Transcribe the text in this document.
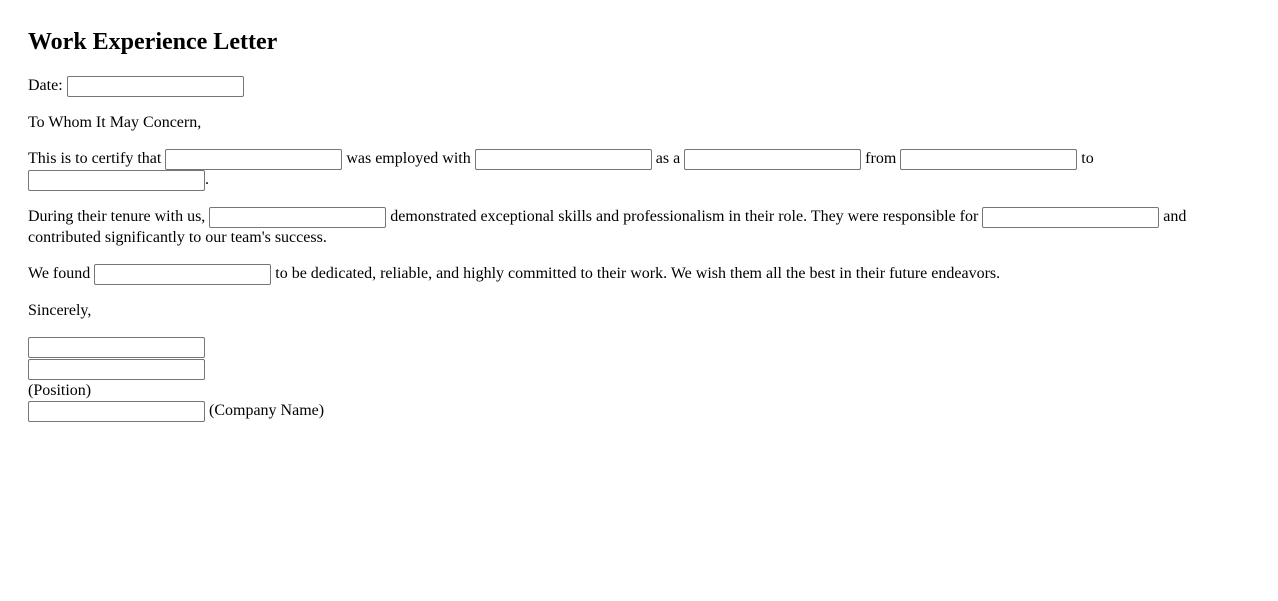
Work Experience Letter

Date:

To Whom It May Concern,

This is to certify that	was employed with	as a	from	to .

During their tenure with us,	demonstrated exceptional skills and professionalism in their role. They were responsible for	and contributed significantly to our team's success.

We found	to be dedicated, reliable, and highly committed to their work. We wish them all the best in their future endeavors.

Sincerely,

(Position)
(Company Name)
